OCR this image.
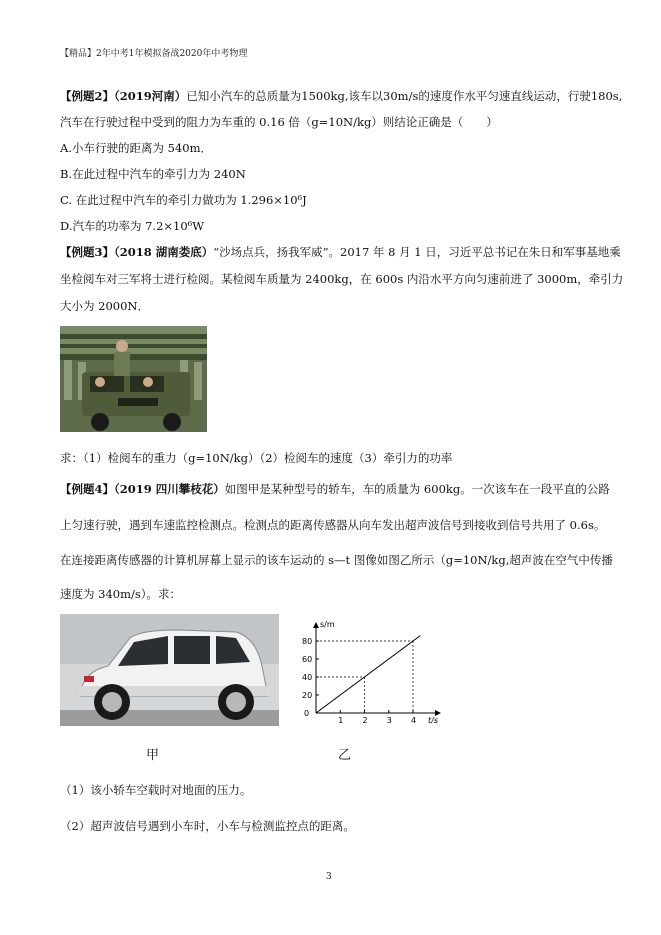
【精品】2年中考1年模拟备战2020年中考物理
【例题2】（2019河南）已知小汽车的总质量为1500kg,该车以30m/s的速度作水平匀速直线运动，行驶180s,
汽车在行驶过程中受到的阻力为车重的 0.16 倍（g=10N/kg）则结论正确是（　　）
A.小车行驶的距离为 540m．
B.在此过程中汽车的牵引力为 240N
C. 在此过程中汽车的牵引力做功为 1.296×10⁶J
D.汽车的功率为 7.2×10⁶W
【例题3】（2018 湖南娄底）“沙场点兵，扬我军威”。2017 年 8 月 1 日，习近平总书记在朱日和军事基地乘
坐检阅车对三军将士进行检阅。某检阅车质量为 2400kg，在 600s 内沿水平方向匀速前进了 3000m，牵引力
大小为 2000N．
求：（1）检阅车的重力（g=10N/kg）（2）检阅车的速度（3）牵引力的功率
【例题4】（2019 四川攀枝花）如图甲是某种型号的轿车，车的质量为 600kg。一次该车在一段平直的公路
上匀速行驶，遇到车速监控检测点。检测点的距离传感器从向车发出超声波信号到接收到信号共用了 0.6s。
在连接距离传感器的计算机屏幕上显示的该车运动的 s—t 图像如图乙所示（g=10N/kg,超声波在空气中传播
速度为 340m/s）。求：
s/m
t/s
0
1 2 3 4
20
40
60
80
甲	乙
（1）该小轿车空载时对地面的压力。
（2）超声波信号遇到小车时，小车与检测监控点的距离。
3
